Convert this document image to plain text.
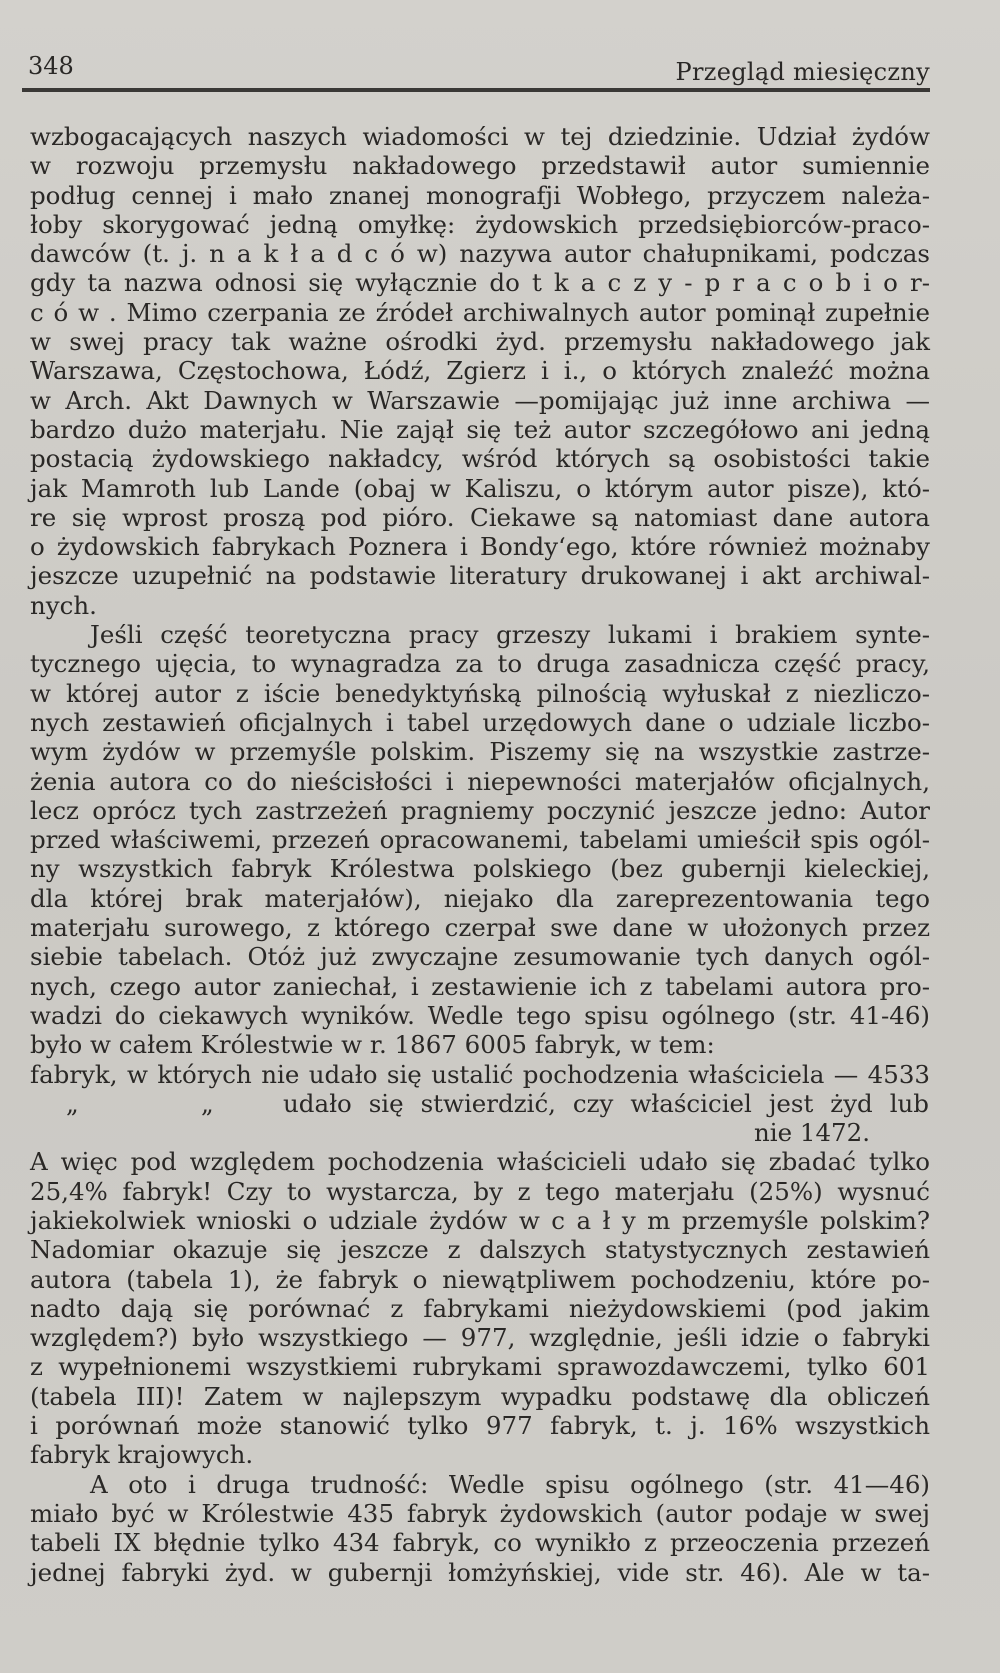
348	Przegląd miesięczny
wzbogacających naszych wiadomości w tej dziedzinie. Udział żydów
w rozwoju przemysłu nakładowego przedstawił autor sumiennie
podług cennej i mało znanej monografji Wobłego, przyczem należa-
łoby skorygować jedną omyłkę: żydowskich przedsiębiorców-praco-
dawców (t. j. n a k ł a d c ó w) nazywa autor chałupnikami, podczas
gdy ta nazwa odnosi się wyłącznie do t k a c z y - p r a c o b i o r-
c ó w . Mimo czerpania ze źródeł archiwalnych autor pominął zupełnie
w swej pracy tak ważne ośrodki żyd. przemysłu nakładowego jak
Warszawa, Częstochowa, Łódź, Zgierz i i., o których znaleźć można
w Arch. Akt Dawnych w Warszawie —pomijając już inne archiwa —
bardzo dużo materjału. Nie zajął się też autor szczegółowo ani jedną
postacią żydowskiego nakładcy, wśród których są osobistości takie
jak Mamroth lub Lande (obaj w Kaliszu, o którym autor pisze), któ-
re się wprost proszą pod pióro. Ciekawe są natomiast dane autora
o żydowskich fabrykach Poznera i Bondy‘ego, które również możnaby
jeszcze uzupełnić na podstawie literatury drukowanej i akt archiwal-
nych.
Jeśli część teoretyczna pracy grzeszy lukami i brakiem synte-
tycznego ujęcia, to wynagradza za to druga zasadnicza część pracy,
w której autor z iście benedyktyńską pilnością wyłuskał z niezliczo-
nych zestawień oficjalnych i tabel urzędowych dane o udziale liczbo-
wym żydów w przemyśle polskim. Piszemy się na wszystkie zastrze-
żenia autora co do nieścisłości i niepewności materjałów oficjalnych,
lecz oprócz tych zastrzeżeń pragniemy poczynić jeszcze jedno: Autor
przed właściwemi, przezeń opracowanemi, tabelami umieścił spis ogól-
ny wszystkich fabryk Królestwa polskiego (bez gubernji kieleckiej,
dla której brak materjałów), niejako dla zareprezentowania tego
materjału surowego, z którego czerpał swe dane w ułożonych przez
siebie tabelach. Otóż już zwyczajne zesumowanie tych danych ogól-
nych, czego autor zaniechał, i zestawienie ich z tabelami autora pro-
wadzi do ciekawych wyników. Wedle tego spisu ogólnego (str. 41-46)
było w całem Królestwie w r. 1867 6005 fabryk, w tem:
fabryk, w których nie udało się ustalić pochodzenia właściciela — 4533
„	„	udało się stwierdzić, czy właściciel jest żyd lub
nie 1472.
A więc pod względem pochodzenia właścicieli udało się zbadać tylko
25,4% fabryk! Czy to wystarcza, by z tego materjału (25%) wysnuć
jakiekolwiek wnioski o udziale żydów w c a ł y m przemyśle polskim?
Nadomiar okazuje się jeszcze z dalszych statystycznych zestawień
autora (tabela 1), że fabryk o niewątpliwem pochodzeniu, które po-
nadto dają się porównać z fabrykami nieżydowskiemi (pod jakim
względem?) było wszystkiego — 977, względnie, jeśli idzie o fabryki
z wypełnionemi wszystkiemi rubrykami sprawozdawczemi, tylko 601
(tabela III)! Zatem w najlepszym wypadku podstawę dla obliczeń
i porównań może stanowić tylko 977 fabryk, t. j. 16% wszystkich
fabryk krajowych.
A oto i druga trudność: Wedle spisu ogólnego (str. 41—46)
miało być w Królestwie 435 fabryk żydowskich (autor podaje w swej
tabeli IX błędnie tylko 434 fabryk, co wynikło z przeoczenia przezeń
jednej fabryki żyd. w gubernji łomżyńskiej, vide str. 46). Ale w ta-
